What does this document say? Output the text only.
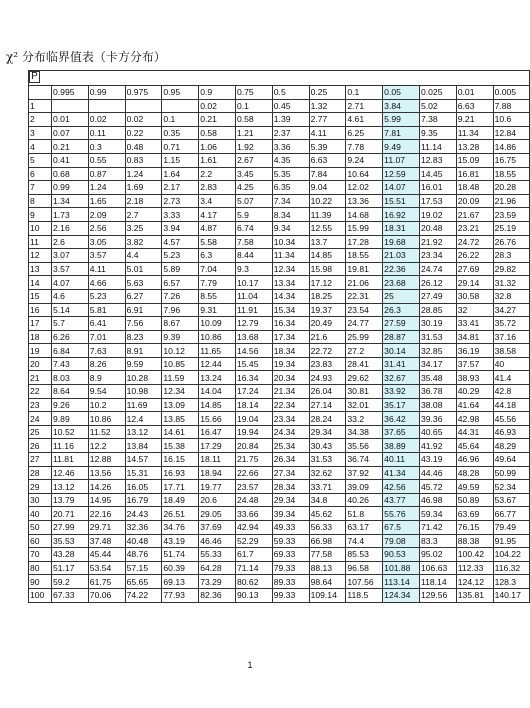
χ² 分布临界值表（卡方分布）
P													

	0.995	0.99	0.975	0.95	0.9	0.75	0.5	0.25	0.1	0.05	0.025	0.01	0.005
1					0.02	0.1	0.45	1.32	2.71	3.84	5.02	6.63	7.88
2	0.01	0.02	0.02	0.1	0.21	0.58	1.39	2.77	4.61	5.99	7.38	9.21	10.6
3	0.07	0.11	0.22	0.35	0.58	1.21	2.37	4.11	6.25	7.81	9.35	11.34	12.84
4	0.21	0.3	0.48	0.71	1.06	1.92	3.36	5.39	7.78	9.49	11.14	13.28	14.86
5	0.41	0.55	0.83	1.15	1.61	2.67	4.35	6.63	9.24	11.07	12.83	15.09	16.75
6	0.68	0.87	1.24	1.64	2.2	3.45	5.35	7.84	10.64	12.59	14.45	16.81	18.55
7	0.99	1.24	1.69	2.17	2.83	4.25	6.35	9.04	12.02	14.07	16.01	18.48	20.28
8	1.34	1.65	2.18	2.73	3.4	5.07	7.34	10.22	13.36	15.51	17.53	20.09	21.96
9	1.73	2.09	2.7	3.33	4.17	5.9	8.34	11.39	14.68	16.92	19.02	21.67	23.59
10	2.16	2.56	3.25	3.94	4.87	6.74	9.34	12.55	15.99	18.31	20.48	23.21	25.19
11	2.6	3.05	3.82	4.57	5.58	7.58	10.34	13.7	17.28	19.68	21.92	24.72	26.76
12	3.07	3.57	4.4	5.23	6.3	8.44	11.34	14.85	18.55	21.03	23.34	26.22	28.3
13	3.57	4.11	5.01	5.89	7.04	9.3	12.34	15.98	19.81	22.36	24.74	27.69	29.82
14	4.07	4.66	5.63	6.57	7.79	10.17	13.34	17.12	21.06	23.68	26.12	29.14	31.32
15	4.6	5.23	6.27	7.26	8.55	11.04	14.34	18.25	22.31	25	27.49	30.58	32.8
16	5.14	5.81	6.91	7.96	9.31	11.91	15.34	19.37	23.54	26.3	28.85	32	34.27
17	5.7	6.41	7.56	8.67	10.09	12.79	16.34	20.49	24.77	27.59	30.19	33.41	35.72
18	6.26	7.01	8.23	9.39	10.86	13.68	17.34	21.6	25.99	28.87	31.53	34.81	37.16
19	6.84	7.63	8.91	10.12	11.65	14.56	18.34	22.72	27.2	30.14	32.85	36.19	38.58
20	7.43	8.26	9.59	10.85	12.44	15.45	19.34	23.83	28.41	31.41	34.17	37.57	40
21	8.03	8.9	10.28	11.59	13.24	16.34	20.34	24.93	29.62	32.67	35.48	38.93	41.4
22	8.64	9.54	10.98	12.34	14.04	17.24	21.34	26.04	30.81	33.92	36.78	40.29	42.8
23	9.26	10.2	11.69	13.09	14.85	18.14	22.34	27.14	32.01	35.17	38.08	41.64	44.18
24	9.89	10.86	12.4	13.85	15.66	19.04	23.34	28.24	33.2	36.42	39.36	42.98	45.56
25	10.52	11.52	13.12	14.61	16.47	19.94	24.34	29.34	34.38	37.65	40.65	44.31	46.93
26	11.16	12.2	13.84	15.38	17.29	20.84	25.34	30.43	35.56	38.89	41.92	45.64	48.29
27	11.81	12.88	14.57	16.15	18.11	21.75	26.34	31.53	36.74	40.11	43.19	46.96	49.64
28	12.46	13.56	15.31	16.93	18.94	22.66	27.34	32.62	37.92	41.34	44.46	48.28	50.99
29	13.12	14.26	16.05	17.71	19.77	23.57	28.34	33.71	39.09	42.56	45.72	49.59	52.34
30	13.79	14.95	16.79	18.49	20.6	24.48	29.34	34.8	40.26	43.77	46.98	50.89	53.67
40	20.71	22.16	24.43	26.51	29.05	33.66	39.34	45.62	51.8	55.76	59.34	63.69	66.77
50	27.99	29.71	32.36	34.76	37.69	42.94	49.33	56.33	63.17	67.5	71.42	76.15	79.49
60	35.53	37.48	40.48	43.19	46.46	52.29	59.33	66.98	74.4	79.08	83.3	88.38	91.95
70	43.28	45.44	48.76	51.74	55.33	61.7	69.33	77.58	85.53	90.53	95.02	100.42	104.22
80	51.17	53.54	57.15	60.39	64.28	71.14	79.33	88.13	96.58	101.88	106.63	112.33	116.32
90	59.2	61.75	65.65	69.13	73.29	80.62	89.33	98.64	107.56	113.14	118.14	124.12	128.3
100	67.33	70.06	74.22	77.93	82.36	90.13	99.33	109.14	118.5	124.34	129.56	135.81	140.17
1
